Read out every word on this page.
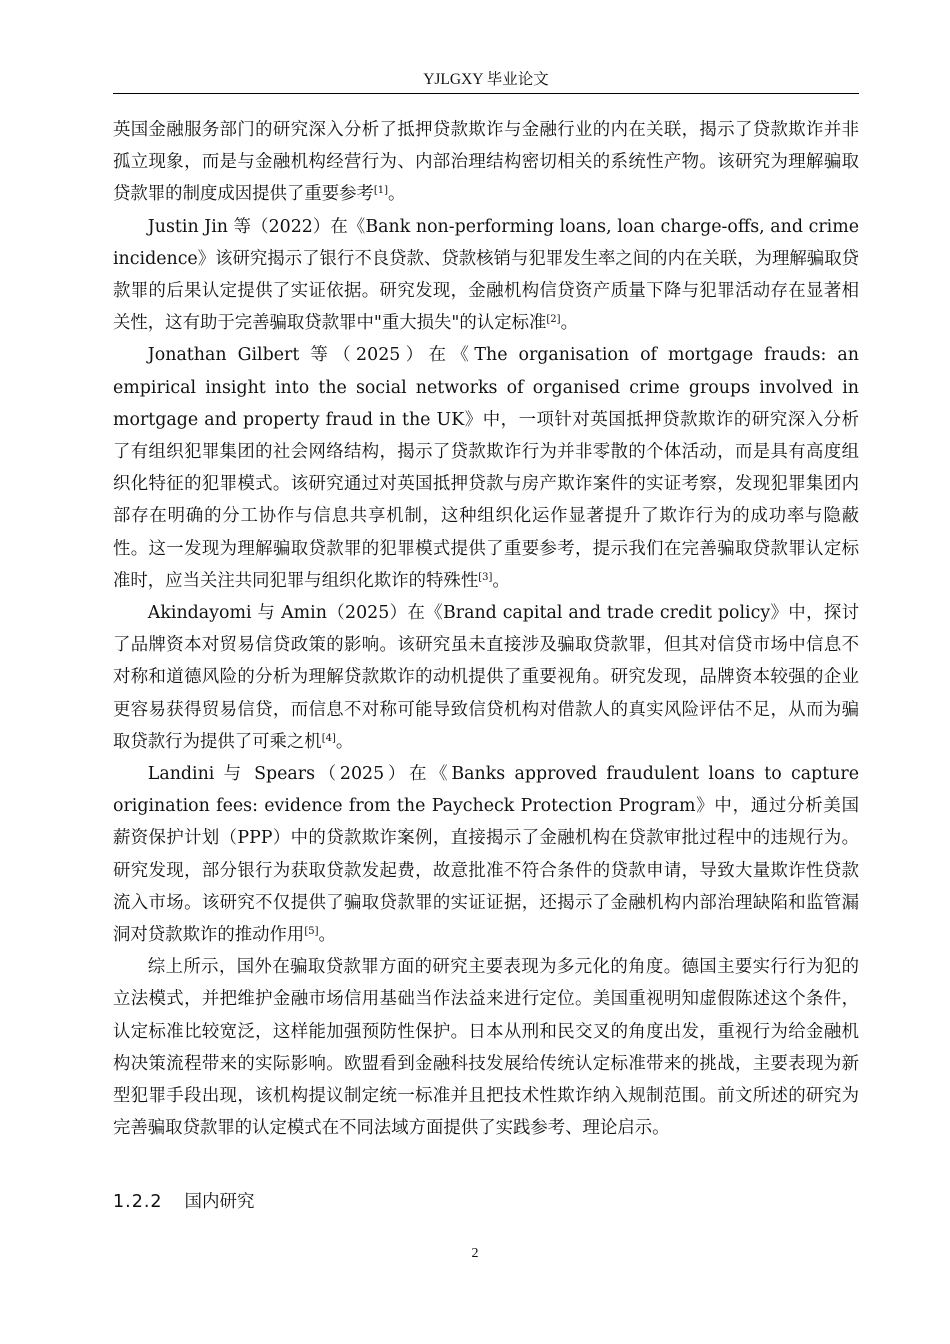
YJLGXY 毕业论文

英国金融服务部门的研究深入分析了抵押贷款欺诈与金融行业的内在关联，揭示了贷款欺诈并非孤立现象，而是与金融机构经营行为、内部治理结构密切相关的系统性产物。该研究为理解骗取贷款罪的制度成因提供了重要参考[1]。

Justin Jin 等（2022）在《Bank non-performing loans, loan charge-offs, and crime incidence》该研究揭示了银行不良贷款、贷款核销与犯罪发生率之间的内在关联，为理解骗取贷款罪的后果认定提供了实证依据。研究发现，金融机构信贷资产质量下降与犯罪活动存在显著相关性，这有助于完善骗取贷款罪中"重大损失"的认定标准[2]。

Jonathan Gilbert 等（2025）在《The organisation of mortgage frauds: an empirical insight into the social networks of organised crime groups involved in mortgage and property fraud in the UK》中，一项针对英国抵押贷款欺诈的研究深入分析了有组织犯罪集团的社会网络结构，揭示了贷款欺诈行为并非零散的个体活动，而是具有高度组织化特征的犯罪模式。该研究通过对英国抵押贷款与房产欺诈案件的实证考察，发现犯罪集团内部存在明确的分工协作与信息共享机制，这种组织化运作显著提升了欺诈行为的成功率与隐蔽性。这一发现为理解骗取贷款罪的犯罪模式提供了重要参考，提示我们在完善骗取贷款罪认定标准时，应当关注共同犯罪与组织化欺诈的特殊性[3]。

Akindayomi 与 Amin（2025）在《Brand capital and trade credit policy》中，探讨了品牌资本对贸易信贷政策的影响。该研究虽未直接涉及骗取贷款罪，但其对信贷市场中信息不对称和道德风险的分析为理解贷款欺诈的动机提供了重要视角。研究发现，品牌资本较强的企业更容易获得贸易信贷，而信息不对称可能导致信贷机构对借款人的真实风险评估不足，从而为骗取贷款行为提供了可乘之机[4]。

Landini 与 Spears（2025）在《Banks approved fraudulent loans to capture origination fees: evidence from the Paycheck Protection Program》中，通过分析美国薪资保护计划（PPP）中的贷款欺诈案例，直接揭示了金融机构在贷款审批过程中的违规行为。研究发现，部分银行为获取贷款发起费，故意批准不符合条件的贷款申请，导致大量欺诈性贷款流入市场。该研究不仅提供了骗取贷款罪的实证证据，还揭示了金融机构内部治理缺陷和监管漏洞对贷款欺诈的推动作用[5]。

综上所示，国外在骗取贷款罪方面的研究主要表现为多元化的角度。德国主要实行行为犯的立法模式，并把维护金融市场信用基础当作法益来进行定位。美国重视明知虚假陈述这个条件，认定标准比较宽泛，这样能加强预防性保护。日本从刑和民交叉的角度出发，重视行为给金融机构决策流程带来的实际影响。欧盟看到金融科技发展给传统认定标准带来的挑战，主要表现为新型犯罪手段出现，该机构提议制定统一标准并且把技术性欺诈纳入规制范围。前文所述的研究为完善骗取贷款罪的认定模式在不同法域方面提供了实践参考、理论启示。

1.2.2 国内研究
2
